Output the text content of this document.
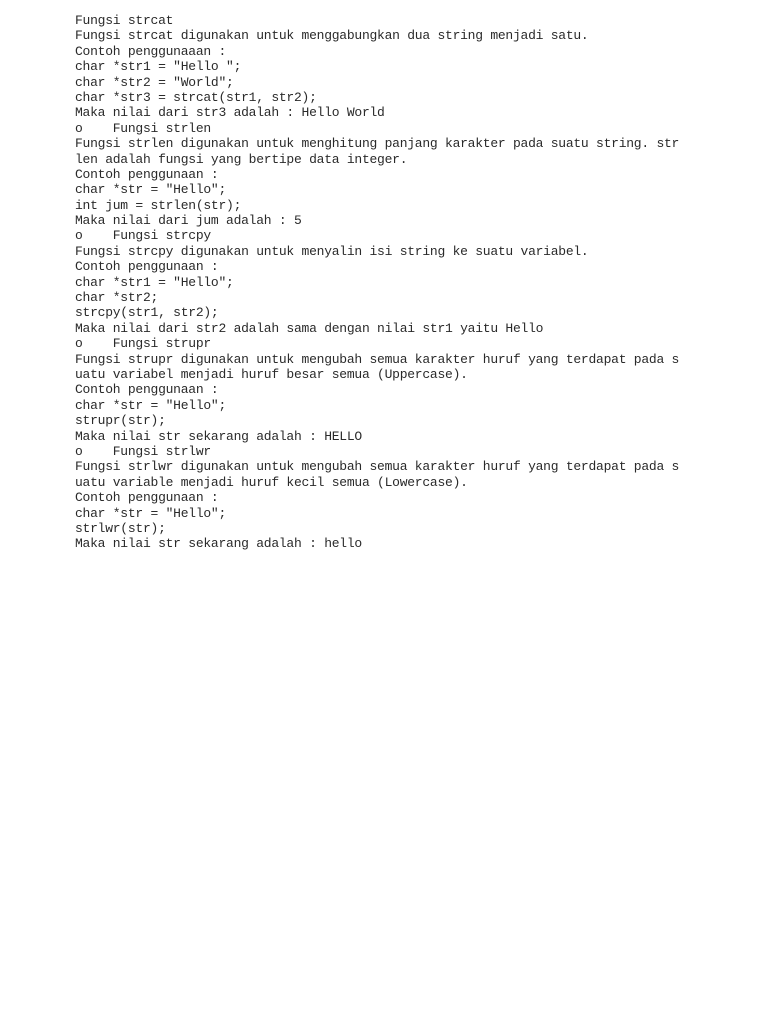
Fungsi strcat
Fungsi strcat digunakan untuk menggabungkan dua string menjadi satu.
Contoh penggunaaan :
char *str1 = "Hello ";
char *str2 = "World";
char *str3 = strcat(str1, str2);
Maka nilai dari str3 adalah : Hello World
o    Fungsi strlen
Fungsi strlen digunakan untuk menghitung panjang karakter pada suatu string. str
len adalah fungsi yang bertipe data integer.
Contoh penggunaan :
char *str = "Hello";
int jum = strlen(str);
Maka nilai dari jum adalah : 5
o    Fungsi strcpy
Fungsi strcpy digunakan untuk menyalin isi string ke suatu variabel.
Contoh penggunaan :
char *str1 = "Hello";
char *str2;
strcpy(str1, str2);
Maka nilai dari str2 adalah sama dengan nilai str1 yaitu Hello
o    Fungsi strupr
Fungsi strupr digunakan untuk mengubah semua karakter huruf yang terdapat pada s
uatu variabel menjadi huruf besar semua (Uppercase).
Contoh penggunaan :
char *str = "Hello";
strupr(str);
Maka nilai str sekarang adalah : HELLO
o    Fungsi strlwr
Fungsi strlwr digunakan untuk mengubah semua karakter huruf yang terdapat pada s
uatu variable menjadi huruf kecil semua (Lowercase).
Contoh penggunaan :
char *str = "Hello";
strlwr(str);
Maka nilai str sekarang adalah : hello
